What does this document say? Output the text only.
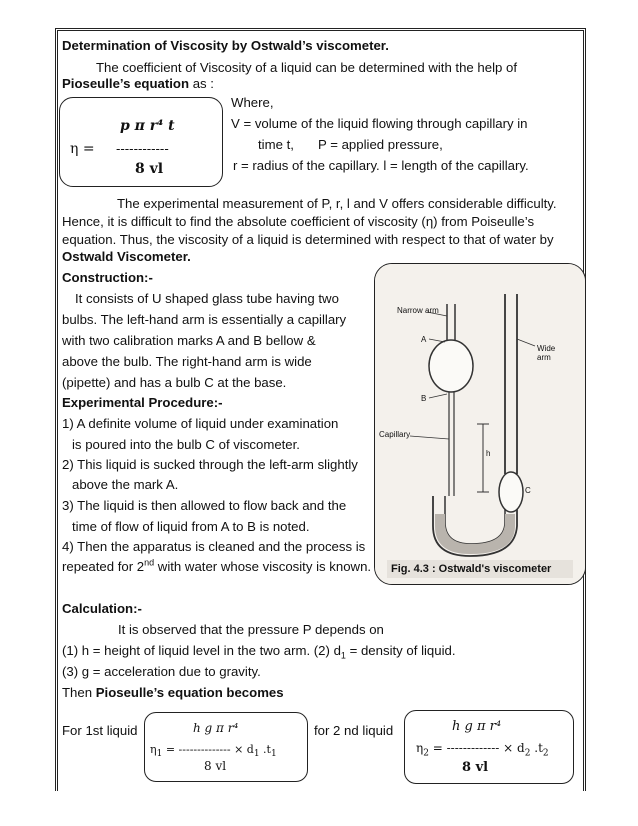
Determination of Viscosity by Ostwald’s viscometer.
The coefficient of Viscosity of a liquid can be determined with the help of
Pioseulle’s equation as :
p π r⁴ t
η = ------------
8 vl
Where,
V = volume of the liquid flowing through capillary in
time t, P = applied pressure,
r = radius of the capillary. l = length of the capillary.
The experimental measurement of P, r, l and V offers considerable difficulty.
Hence, it is difficult to find the absolute coefficient of viscosity (η) from Poiseulle’s
equation. Thus, the viscosity of a liquid is determined with respect to that of water by
Ostwald Viscometer.
Construction:-
It consists of U shaped glass tube having two
bulbs. The left-hand arm is essentially a capillary
with two calibration marks A and B bellow &
above the bulb. The right-hand arm is wide
(pipette) and has a bulb C at the base.
Experimental Procedure:-
1) A definite volume of liquid under examination
is poured into the bulb C of viscometer.
2) This liquid is sucked through the left-arm slightly
above the mark A.
3) The liquid is then allowed to flow back and the
time of flow of liquid from A to B is noted.
4) Then the apparatus is cleaned and the process is
repeated for 2nd with water whose viscosity is known.
Narrow arm
Wide arm
A
B
Capillary
h
C
Fig. 4.3 : Ostwald's viscometer
Calculation:-
It is observed that the pressure P depends on
(1) h = height of liquid level in the two arm. (2) $d_1$ = density of liquid.
(3) g = acceleration due to gravity.
Then Pioseulle’s equation becomes
For 1st liquid	h g π r⁴
$\eta_1$ = -------------- × $d_1$ $.t_1$
8 vl
for 2 nd liquid	h g π r⁴
$\eta_2$ = ------------- × $d_2$ $.t_2$
8 vl
